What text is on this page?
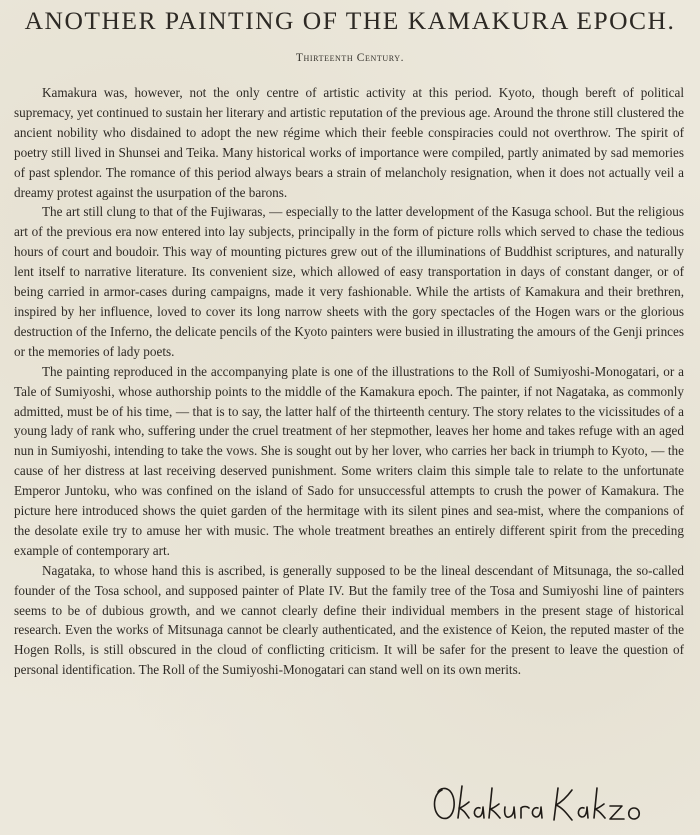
ANOTHER PAINTING OF THE KAMAKURA EPOCH.
Thirteenth Century.

Kamakura was, however, not the only centre of artistic activity at this period. Kyoto, though bereft of political supremacy, yet continued to sustain her literary and artistic reputation of the previous age. Around the throne still clustered the ancient nobility who disdained to adopt the new régime which their feeble conspiracies could not overthrow. The spirit of poetry still lived in Shunsei and Teika. Many historical works of importance were compiled, partly animated by sad memories of past splendor. The romance of this period always bears a strain of melancholy resignation, when it does not actually veil a dreamy protest against the usurpation of the barons.

The art still clung to that of the Fujiwaras, — especially to the latter development of the Kasuga school. But the religious art of the previous era now entered into lay subjects, principally in the form of picture rolls which served to chase the tedious hours of court and boudoir. This way of mounting pictures grew out of the illuminations of Buddhist scriptures, and naturally lent itself to narrative literature. Its convenient size, which allowed of easy transportation in days of constant danger, or of being carried in armor-cases during campaigns, made it very fashionable. While the artists of Kamakura and their brethren, inspired by her influence, loved to cover its long narrow sheets with the gory spectacles of the Hogen wars or the glorious destruction of the Inferno, the delicate pencils of the Kyoto painters were busied in illustrating the amours of the Genji princes or the memories of lady poets.

The painting reproduced in the accompanying plate is one of the illustrations to the Roll of Sumiyoshi-Monogatari, or a Tale of Sumiyoshi, whose authorship points to the middle of the Kamakura epoch. The painter, if not Nagataka, as commonly admitted, must be of his time, — that is to say, the latter half of the thirteenth century. The story relates to the vicissitudes of a young lady of rank who, suffering under the cruel treatment of her stepmother, leaves her home and takes refuge with an aged nun in Sumiyoshi, intending to take the vows. She is sought out by her lover, who carries her back in triumph to Kyoto, — the cause of her distress at last receiving deserved punishment. Some writers claim this simple tale to relate to the unfortunate Emperor Juntoku, who was confined on the island of Sado for unsuccessful attempts to crush the power of Kamakura. The picture here introduced shows the quiet garden of the hermitage with its silent pines and sea-mist, where the companions of the desolate exile try to amuse her with music. The whole treatment breathes an entirely different spirit from the preceding example of contemporary art.

Nagataka, to whose hand this is ascribed, is generally supposed to be the lineal descendant of Mitsunaga, the so-called founder of the Tosa school, and supposed painter of Plate IV. But the family tree of the Tosa and Sumiyoshi line of painters seems to be of dubious growth, and we cannot clearly define their individual members in the present stage of historical research. Even the works of Mitsunaga cannot be clearly authenticated, and the existence of Keion, the reputed master of the Hogen Rolls, is still obscured in the cloud of conflicting criticism. It will be safer for the present to leave the question of personal identification. The Roll of the Sumiyoshi-Monogatari can stand well on its own merits.
